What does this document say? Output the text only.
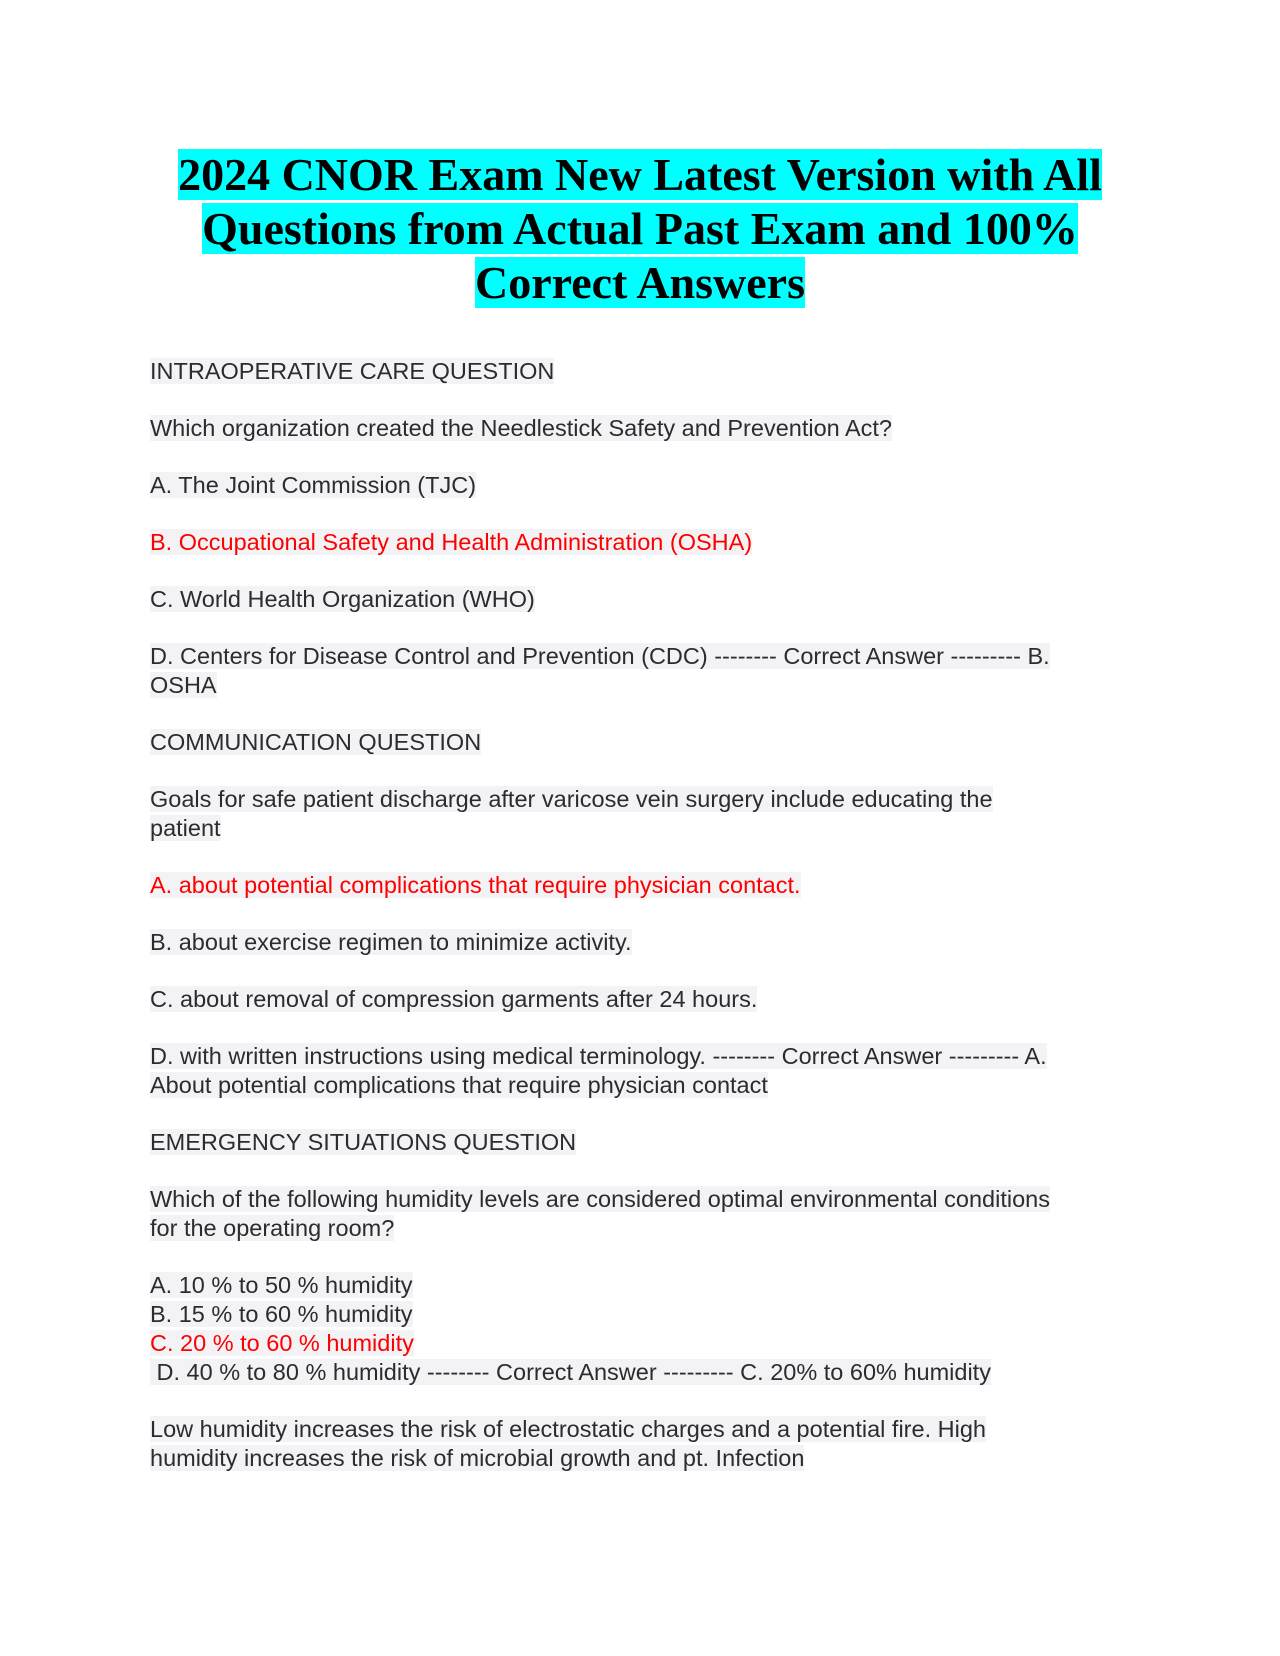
2024 CNOR Exam New Latest Version with All
Questions from Actual Past Exam and 100%
Correct Answers
INTRAOPERATIVE CARE QUESTION
Which organization created the Needlestick Safety and Prevention Act?
A. The Joint Commission (TJC)
B. Occupational Safety and Health Administration (OSHA)
C. World Health Organization (WHO)
D. Centers for Disease Control and Prevention (CDC) -------- Correct Answer --------- B.
OSHA
COMMUNICATION QUESTION
Goals for safe patient discharge after varicose vein surgery include educating the
patient
A. about potential complications that require physician contact.
B. about exercise regimen to minimize activity.
C. about removal of compression garments after 24 hours.
D. with written instructions using medical terminology. -------- Correct Answer --------- A.
About potential complications that require physician contact
EMERGENCY SITUATIONS QUESTION
Which of the following humidity levels are considered optimal environmental conditions
for the operating room?
A. 10 % to 50 % humidity
B. 15 % to 60 % humidity
C. 20 % to 60 % humidity
D. 40 % to 80 % humidity -------- Correct Answer --------- C. 20% to 60% humidity
Low humidity increases the risk of electrostatic charges and a potential fire. High
humidity increases the risk of microbial growth and pt. Infection
